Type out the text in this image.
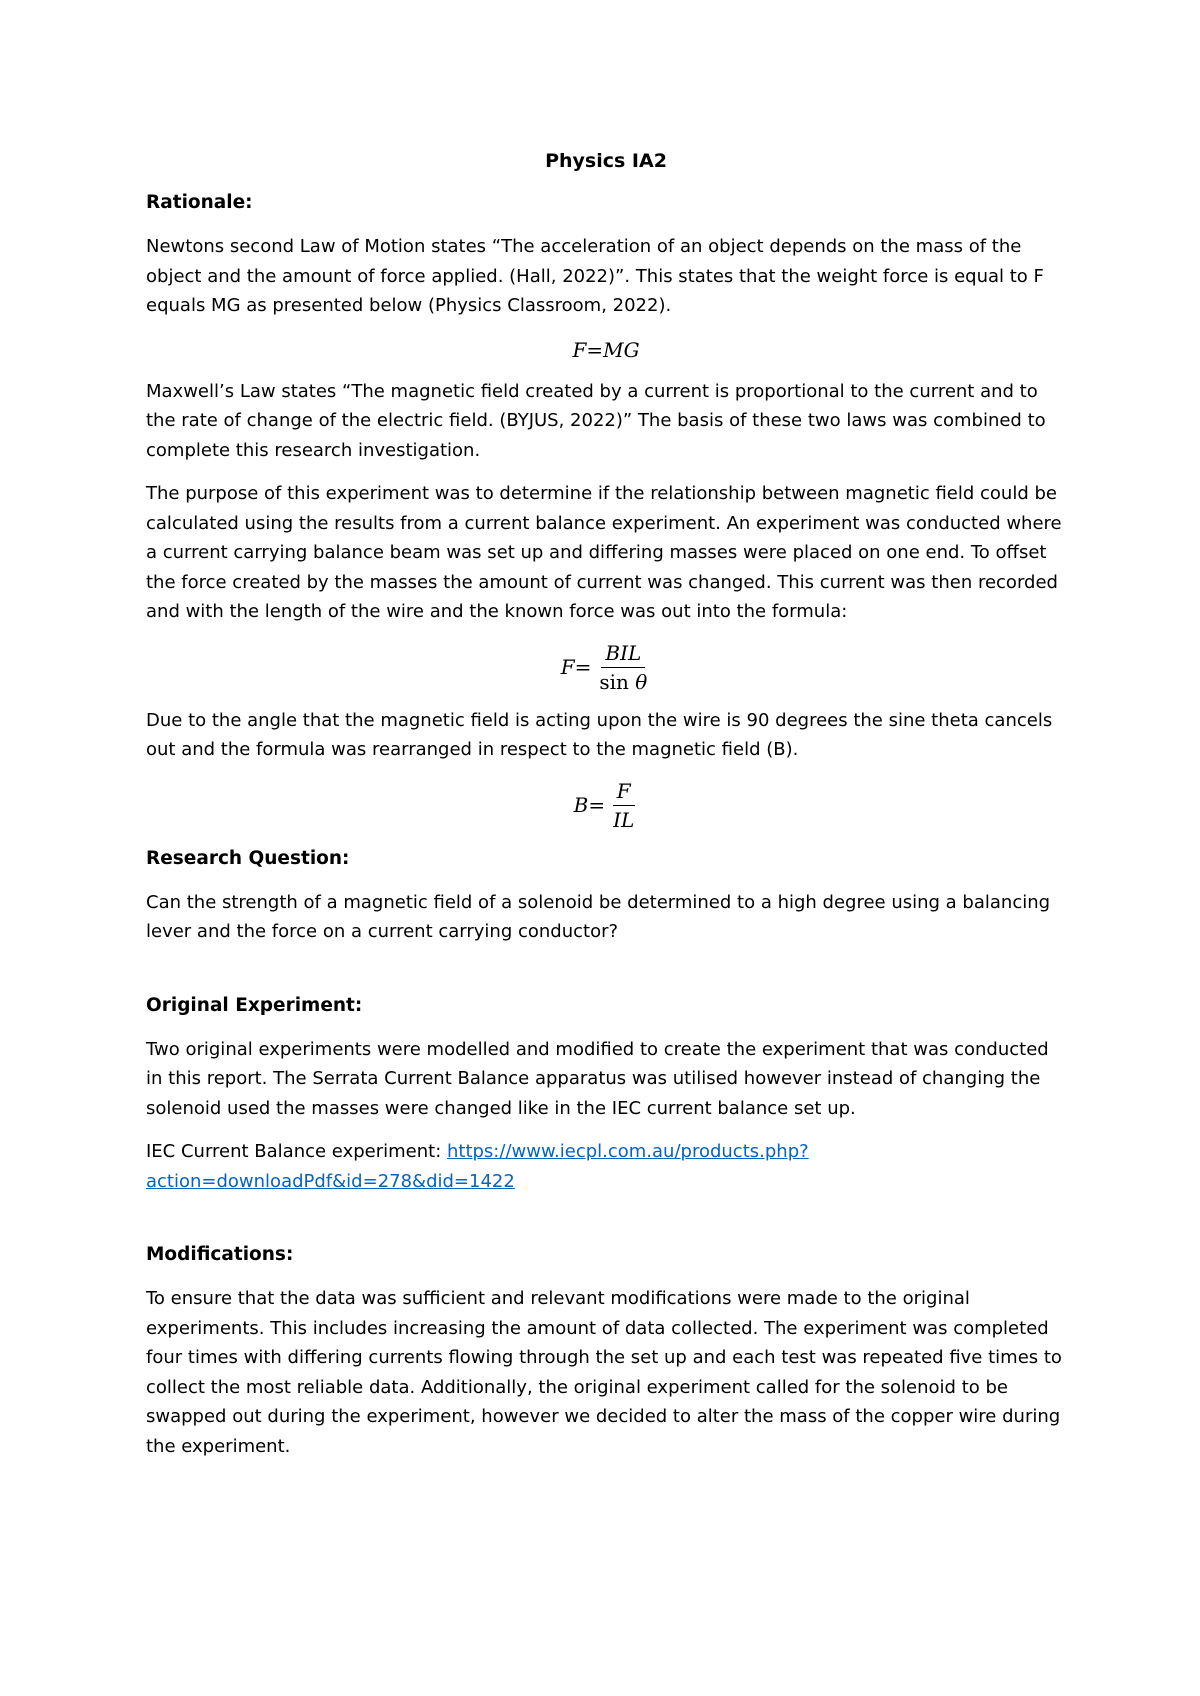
Physics IA2
Rationale:

Newtons second Law of Motion states “The acceleration of an object depends on the mass of the object and the amount of force applied. (Hall, 2022)”. This states that the weight force is equal to F equals MG as presented below (Physics Classroom, 2022).

F=MG

Maxwell’s Law states “The magnetic field created by a current is proportional to the current and to the rate of change of the electric field. (BYJUS, 2022)” The basis of these two laws was combined to complete this research investigation.

The purpose of this experiment was to determine if the relationship between magnetic field could be calculated using the results from a current balance experiment. An experiment was conducted where a current carrying balance beam was set up and differing masses were placed on one end. To offset the force created by the masses the amount of current was changed. This current was then recorded and with the length of the wire and the known force was out into the formula:

$F= \frac{\text{BIL}}{\text{sin θ}}$

Due to the angle that the magnetic field is acting upon the wire is 90 degrees the sine theta cancels out and the formula was rearranged in respect to the magnetic field (B).

$B= \frac{F}{IL}$
Research Question:

Can the strength of a magnetic field of a solenoid be determined to a high degree using a balancing lever and the force on a current carrying conductor?

Original Experiment:

Two original experiments were modelled and modified to create the experiment that was conducted in this report. The Serrata Current Balance apparatus was utilised however instead of changing the solenoid used the masses were changed like in the IEC current balance set up.

IEC Current Balance experiment: https://www.iecpl.com.au/products.php?action=downloadPdf&id=278&did=1422

Modifications:

To ensure that the data was sufficient and relevant modifications were made to the original experiments. This includes increasing the amount of data collected. The experiment was completed four times with differing currents flowing through the set up and each test was repeated five times to collect the most reliable data. Additionally, the original experiment called for the solenoid to be swapped out during the experiment, however we decided to alter the mass of the copper wire during the experiment.
